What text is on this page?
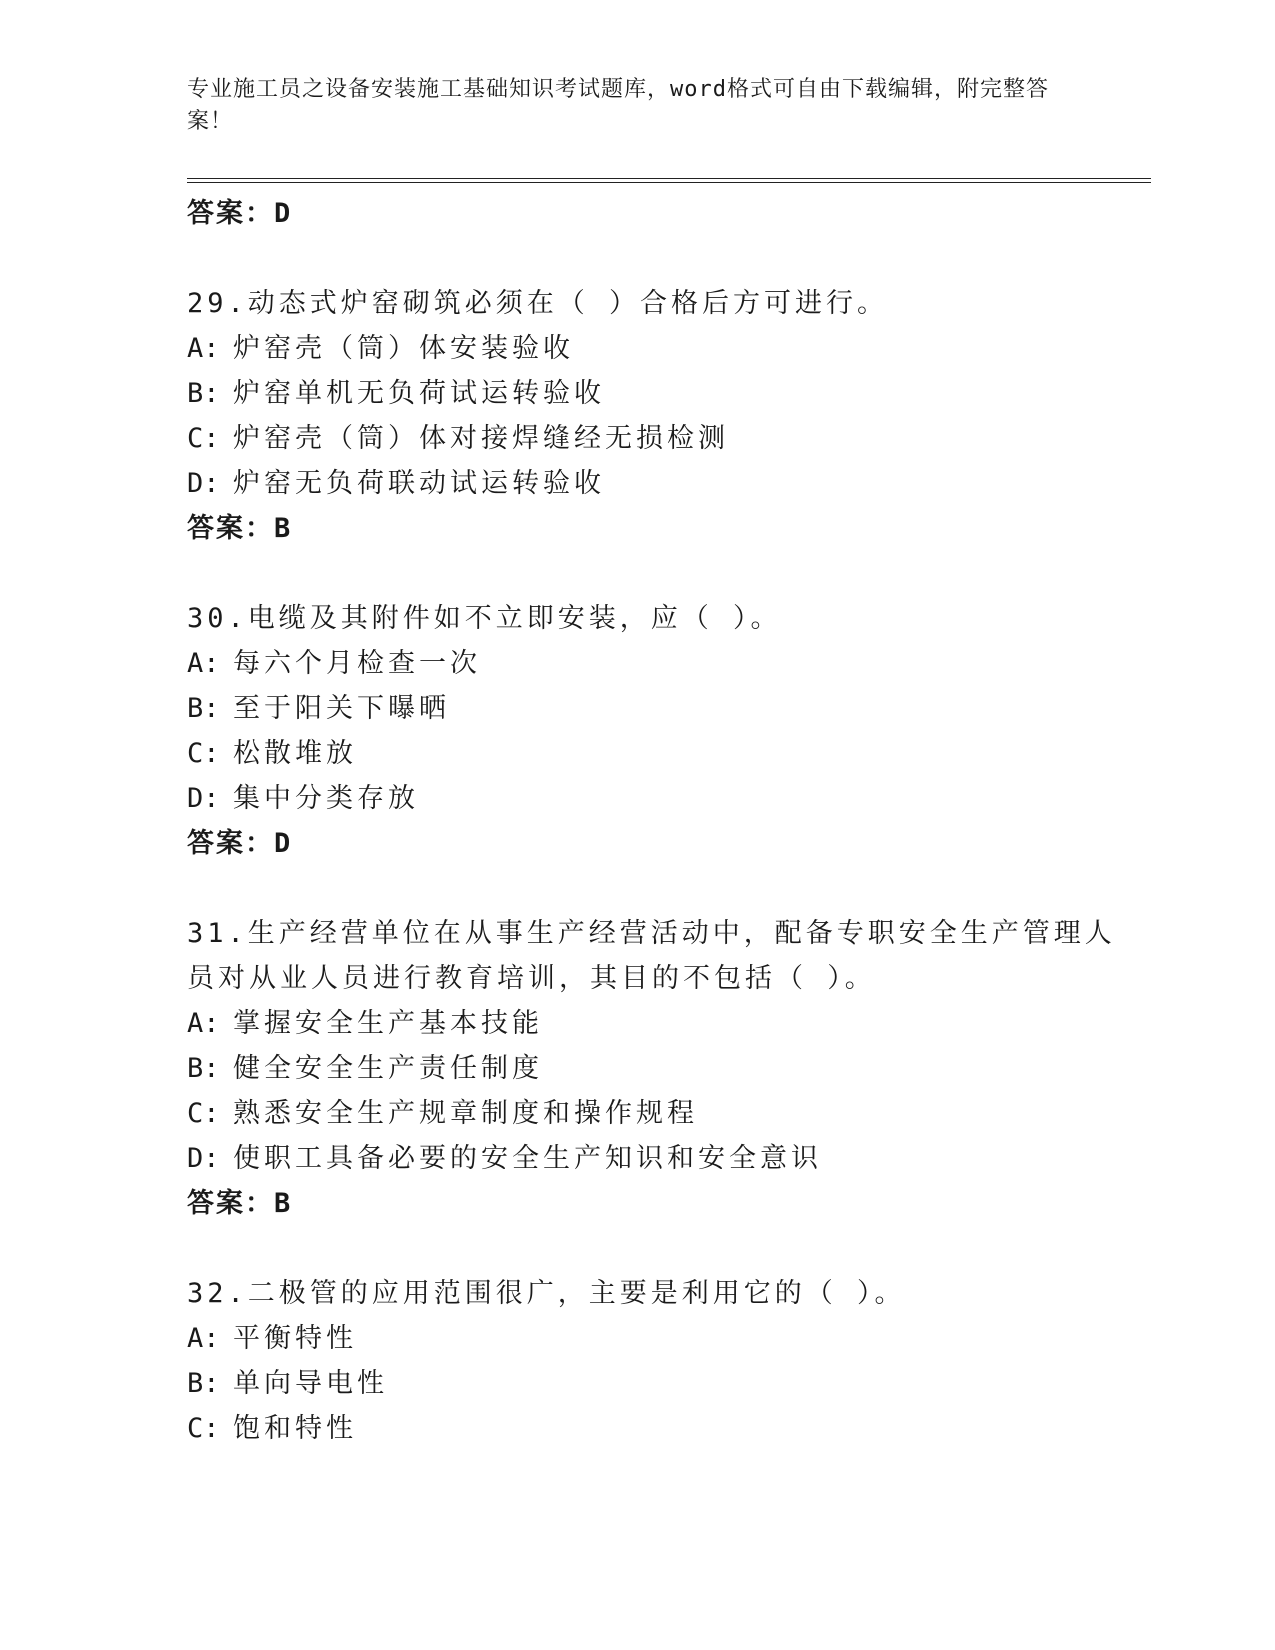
专业施工员之设备安装施工基础知识考试题库，word格式可自由下载编辑，附完整答案！
答案：D
29.动态式炉窑砌筑必须在（ ）合格后方可进行。
A: 炉窑壳（筒）体安装验收
B: 炉窑单机无负荷试运转验收
C: 炉窑壳（筒）体对接焊缝经无损检测
D: 炉窑无负荷联动试运转验收
答案：B
30.电缆及其附件如不立即安装，应（ ）。
A: 每六个月检查一次
B: 至于阳关下曝晒
C: 松散堆放
D: 集中分类存放
答案：D
31.生产经营单位在从事生产经营活动中，配备专职安全生产管理人员对从业人员进行教育培训，其目的不包括（ ）。
A: 掌握安全生产基本技能
B: 健全安全生产责任制度
C: 熟悉安全生产规章制度和操作规程
D: 使职工具备必要的安全生产知识和安全意识
答案：B
32.二极管的应用范围很广，主要是利用它的（ ）。
A: 平衡特性
B: 单向导电性
C: 饱和特性
